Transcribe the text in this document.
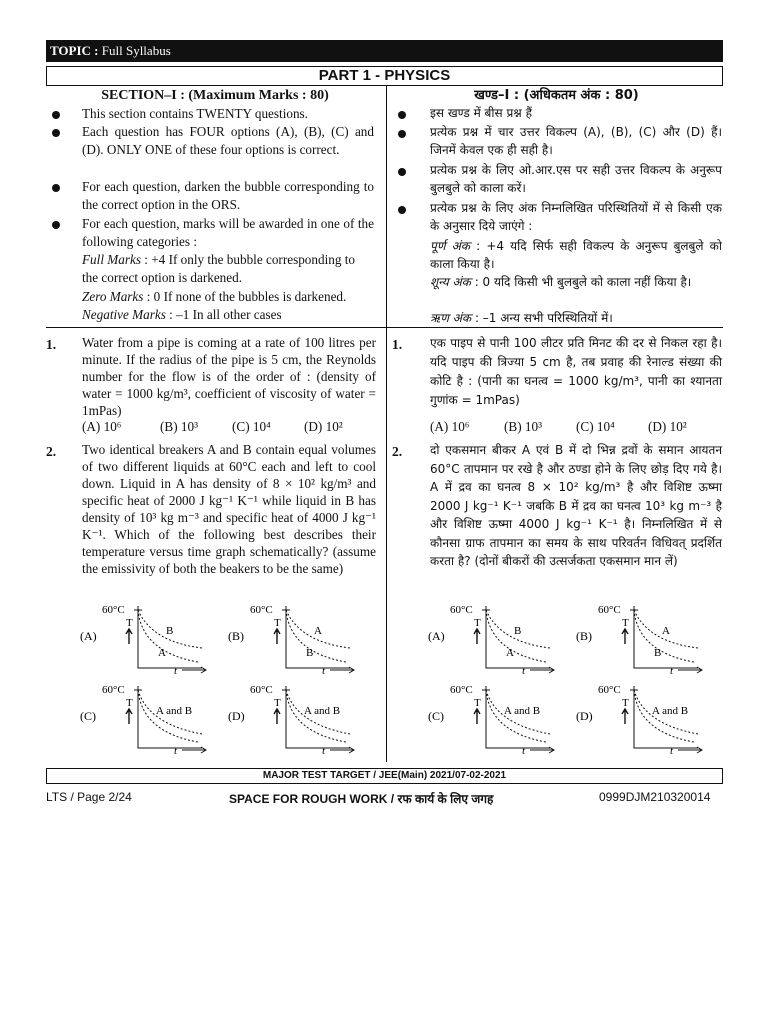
TOPIC : Full Syllabus
PART 1 - PHYSICS
SECTION–I : (Maximum Marks : 80)
This section contains TWENTY questions.
Each question has FOUR options (A), (B), (C) and (D). ONLY ONE of these four options is correct.
For each question, darken the bubble corresponding to the correct option in the ORS.
For each question, marks will be awarded in one of the following categories :
Full Marks : +4 If only the bubble corresponding to the correct option is darkened.
Zero Marks : 0 If none of the bubbles is darkened.
Negative Marks : –1 In all other cases
1. Water from a pipe is coming at a rate of 100 litres per minute. If the radius of the pipe is 5 cm, the Reynolds number for the flow is of the order of : (density of water = 1000 kg/m³, coefficient of viscosity of water = 1mPas)
(A) 10⁶	(B) 10³	(C) 10⁴	(D) 10²
2. Two identical breakers A and B contain equal volumes of two different liquids at 60°C each and left to cool down. Liquid in A has density of 8 × 10² kg/m³ and specific heat of 2000 J kg⁻¹ K⁻¹ while liquid in B has density of 10³ kg m⁻³ and specific heat of 4000 J kg⁻¹ K⁻¹. Which of the following best describes their temperature versus time graph schematically? (assume the emissivity of both the beakers to be the same)
खण्ड–I : (अधिकतम अंक : 80)
इस खण्ड में बीस प्रश्न हैं
प्रत्येक प्रश्न में चार उत्तर विकल्प (A), (B), (C) और (D) हैं। जिनमें केवल एक ही सही है।
प्रत्येक प्रश्न के लिए ओ.आर.एस पर सही उत्तर विकल्प के अनुरूप बुलबुले को काला करें।
प्रत्येक प्रश्न के लिए अंक निम्नलिखित परिस्थितियों में से किसी एक के अनुसार दिये जाएंगे :
पूर्ण अंक : +4 यदि सिर्फ सही विकल्प के अनुरूप बुलबुले को काला किया है।
शून्य अंक : 0 यदि किसी भी बुलबुले को काला नहीं किया है।
ऋण अंक : –1 अन्य सभी परिस्थितियों में।
1. एक पाइप से पानी 100 लीटर प्रति मिनट की दर से निकल रहा है। यदि पाइप की त्रिज्या 5 cm है, तब प्रवाह की रेनाल्ड संख्या की कोटि है : (पानी का घनत्व = 1000 kg/m³, पानी का श्यानता गुणांक = 1mPas)
(A) 10⁶	(B) 10³	(C) 10⁴	(D) 10²
2. दो एकसमान बीकर A एवं B में दो भिन्न द्रवों के समान आयतन 60°C तापमान पर रखे है और ठण्डा होने के लिए छोड़ दिए गये है। A में द्रव का घनत्व 8 × 10² kg/m³ है और विशिष्ट ऊष्मा 2000 J kg⁻¹ K⁻¹ जबकि B में द्रव का घनत्व 10³ kg m⁻³ है और विशिष्ट ऊष्मा 4000 J kg⁻¹ K⁻¹ है। निम्नलिखित में से कौनसा ग्राफ तापमान का समय के साथ परिवर्तन विधिवत् प्रदर्शित करता है? (दोनों बीकरों की उत्सर्जकता एकसमान मान लें)
(A)
60°C
t
T
B
A
(B)
60°C
t
T
A
B
(C)
60°C
t
T
A and B	(D)
60°C
t
T
A and B
(A)
60°C
t
T
B
A
(B)
60°C
t
T
A
B
(C)
60°C
t
T
A and B	(D)
60°C
t
T
A and B
MAJOR TEST TARGET / JEE(Main) 2021/07-02-2021
LTS / Page 2/24	SPACE FOR ROUGH WORK / रफ कार्य के लिए जगह	0999DJM210320014
